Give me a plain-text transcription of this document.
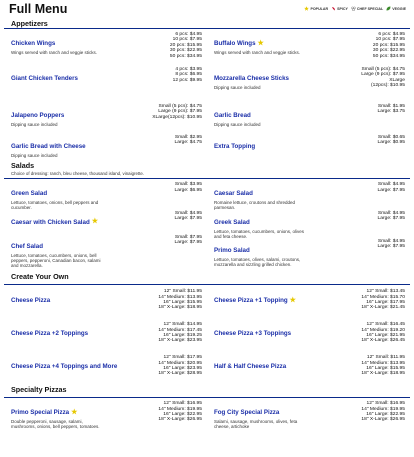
Full Menu	POPULAR	SPICY	CHEF SPECIAL	VEGGIE
Appetizers
Chicken Wings
Wings served with ranch and veggie sticks.
6 pcs: $4.95
10 pcs: $7.95
20 pcs: $15.95
30 pcs: $22.95
50 pcs: $34.95
Giant Chicken Tenders
4 pcs: $3.95
8 pcs: $6.95
12 pcs: $9.95
Jalapeno Poppers
Dipping sauce included
Small (5 pcs): $4.75
Large (9 pcs): $7.95
XLarge(12pcs): $10.95
Garlic Bread with Cheese
Dipping sauce included
Small: $2.95
Large: $4.75
Buffalo Wings ★
Wings served with ranch and veggie sticks.
6 pcs: $4.95
10 pcs: $7.95
20 pcs: $15.95
30 pcs: $22.95
50 pcs: $34.95
Mozzarella Cheese Sticks
Dipping sauce included
Small (5 pcs): $4.75
Large (9 pcs): $7.95
XLarge
(12pcs): $10.95
Garlic Bread
Dipping sauce included
Small: $1.95
Large: $3.75
Extra Topping
Small: $0.65
Large: $0.95
Salads
Choice of dressing: ranch, bleu cheese, thousand island, vinaigrette.
Green Salad
Lettuce, tomatoes, onions, bell peppers and cucumber.
Small: $3.95
Large: $6.95
Caesar with Chicken Salad ★
Small: $4.95
Large: $7.95
Chef Salad
Lettuce, tomatoes, cucumbers, onions, bell peppers, pepperoni, Canadian bacon, salami and mozzarella.
Small: $7.95
Large: $7.95
Caesar Salad
Romaine lettuce, croutons and shredded parmesan.
Small: $4.95
Large: $7.95
Greek Salad
Lettuce, tomatoes, cucumbers, onions, olives and feta cheese.
Small: $4.95
Large: $7.95
Primo Salad
Lettuce, tomatoes, olives, salami, croutons, mozzarella and sizzling grilled chicken.
Small: $4.95
Large: $7.95
Create Your Own
Cheese Pizza
12" Small: $11.95
14" Medium: $13.95
16" Large: $15.95
18" X-Large: $18.95
Cheese Pizza +2 Toppings
12" Small: $14.95
14" Medium: $17.45
16" Large: $19.25
18" X-Large: $23.95
Cheese Pizza +4 Toppings and More
12" Small: $17.95
14" Medium: $20.95
16" Large: $23.95
18" X-Large: $28.95
Cheese Pizza +1 Topping ★
12" Small: $13.45
14" Medium: $15.70
16" Large: $17.95
18" X-Large: $21.45
Cheese Pizza +3 Toppings
12" Small: $16.45
14" Medium: $19.20
16" Large: $21.95
18" X-Large: $26.45
Half & Half Cheese Pizza
12" Small: $11.95
14" Medium: $13.95
16" Large: $15.95
18" X-Large: $18.95
Specialty Pizzas
Primo Special Pizza ★
Double pepperoni, sausage, salami, mushrooms, onions, bell peppers, tomatoes.
12" Small: $16.95
14" Medium: $19.95
16" Large: $22.95
18" X-Large: $26.95
Fog City Special Pizza
Salami, sausage, mushrooms, olives, feta cheese, artichoke
12" Small: $16.95
14" Medium: $19.95
16" Large: $22.95
18" X-Large: $26.95
